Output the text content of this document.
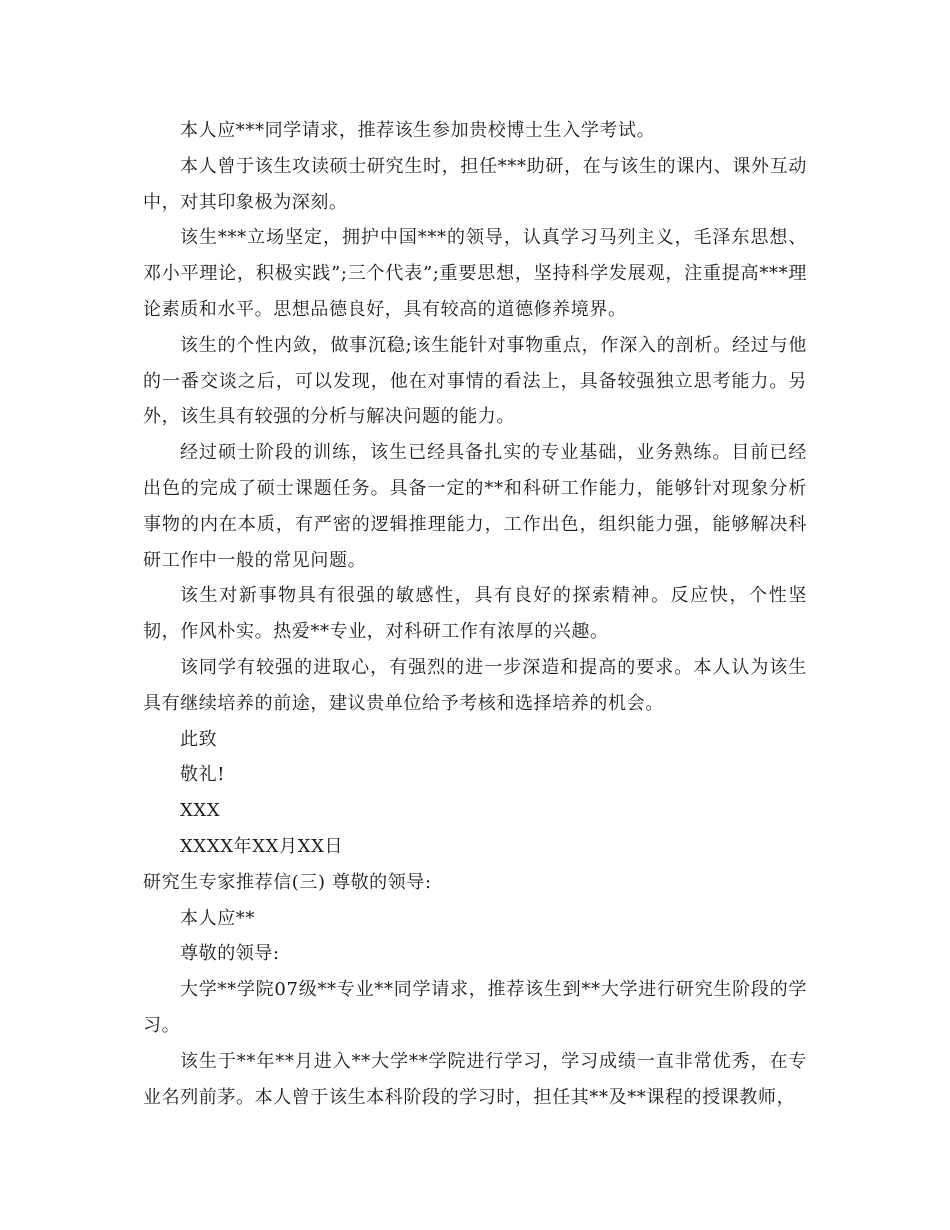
本人应***同学请求，推荐该生参加贵校博士生入学考试。

本人曾于该生攻读硕士研究生时，担任***助研，在与该生的课内、课外互动中，对其印象极为深刻。

该生***立场坚定，拥护中国***的领导，认真学习马列主义，毛泽东思想、邓小平理论，积极实践”;三个代表”;重要思想，坚持科学发展观，注重提高***理论素质和水平。思想品德良好，具有较高的道德修养境界。

该生的个性内敛，做事沉稳;该生能针对事物重点，作深入的剖析。经过与他的一番交谈之后，可以发现，他在对事情的看法上，具备较强独立思考能力。另外，该生具有较强的分析与解决问题的能力。

经过硕士阶段的训练，该生已经具备扎实的专业基础，业务熟练。目前已经出色的完成了硕士课题任务。具备一定的**和科研工作能力，能够针对现象分析事物的内在本质，有严密的逻辑推理能力，工作出色，组织能力强，能够解决科研工作中一般的常见问题。

该生对新事物具有很强的敏感性，具有良好的探索精神。反应快，个性坚韧，作风朴实。热爱**专业，对科研工作有浓厚的兴趣。

该同学有较强的进取心，有强烈的进一步深造和提高的要求。本人认为该生具有继续培养的前途，建议贵单位给予考核和选择培养的机会。

此致

敬礼!

XXX

XXXX年XX月XX日

研究生专家推荐信(三) 尊敬的领导:

本人应**

尊敬的领导:

大学**学院07级**专业**同学请求，推荐该生到**大学进行研究生阶段的学习。

该生于**年**月进入**大学**学院进行学习，学习成绩一直非常优秀，在专业名列前茅。本人曾于该生本科阶段的学习时，担任其**及**课程的授课教师，
